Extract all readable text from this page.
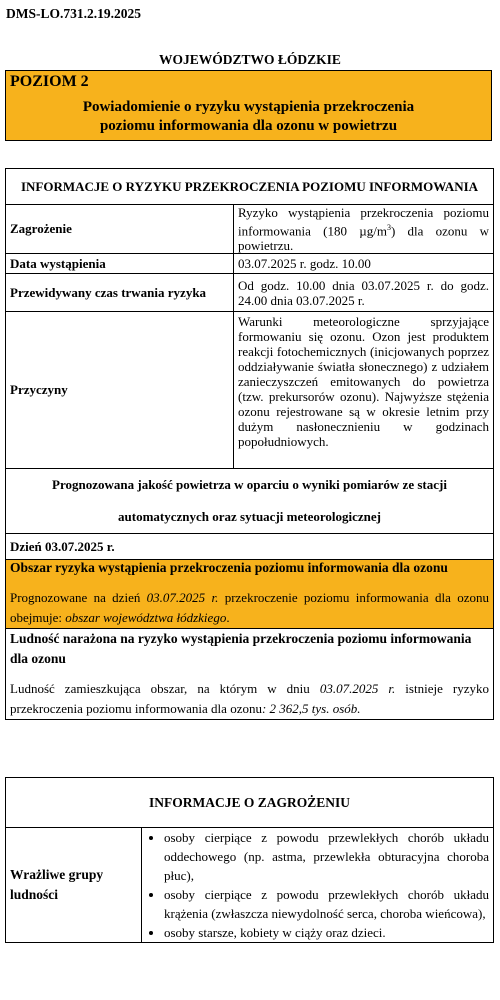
DMS-LO.731.2.19.2025
WOJEWÓDZTWO ŁÓDZKIE
POZIOM 2
Powiadomienie o ryzyku wystąpienia przekroczenia
poziomu informowania dla ozonu w powietrzu
INFORMACJE O RYZYKU PRZEKROCZENIA POZIOMU INFORMOWANIA	
Zagrożenie	Ryzyko wystąpienia przekroczenia poziomu informowania (180 $\mu g/m^3$) dla ozonu w powietrzu.
Data wystąpienia	03.07.2025 r. godz. 10.00
Przewidywany czas trwania ryzyka	Od godz. 10.00 dnia 03.07.2025 r. do godz. 24.00 dnia 03.07.2025 r.
Przyczyny	Warunki meteorologiczne sprzyjające formowaniu się ozonu. Ozon jest produktem reakcji fotochemicznych (inicjowanych poprzez oddziaływanie światła słonecznego) z udziałem zanieczyszczeń emitowanych do powietrza (tzw. prekursorów ozonu). Najwyższe stężenia ozonu rejestrowane są w okresie letnim przy dużym nasłonecznieniu w godzinach popołudniowych.

Prognozowana jakość powietrza w oparciu o wyniki pomiarów ze stacji
automatycznych oraz sytuacji meteorologicznej	

Dzień 03.07.2025 r.	

Obszar ryzyka wystąpienia przekroczenia poziomu informowania dla ozonu
Prognozowane na dzień 03.07.2025 r. przekroczenie poziomu informowania dla ozonu obejmuje: obszar województwa łódzkiego.	

Ludność narażona na ryzyko wystąpienia przekroczenia poziomu informowania dla ozonu
Ludność zamieszkująca obszar, na którym w dniu 03.07.2025 r. istnieje ryzyko przekroczenia poziomu informowania dla ozonu: 2 362,5 tys. osób.	
INFORMACJE O ZAGROŻENIU
Wrażliwe grupy ludności	
• osoby cierpiące z powodu przewlekłych chorób układu oddechowego (np. astma, przewlekła obturacyjna choroba płuc),
• osoby cierpiące z powodu przewlekłych chorób układu krążenia (zwłaszcza niewydolność serca, choroba wieńcowa),
• osoby starsze, kobiety w ciąży oraz dzieci.
